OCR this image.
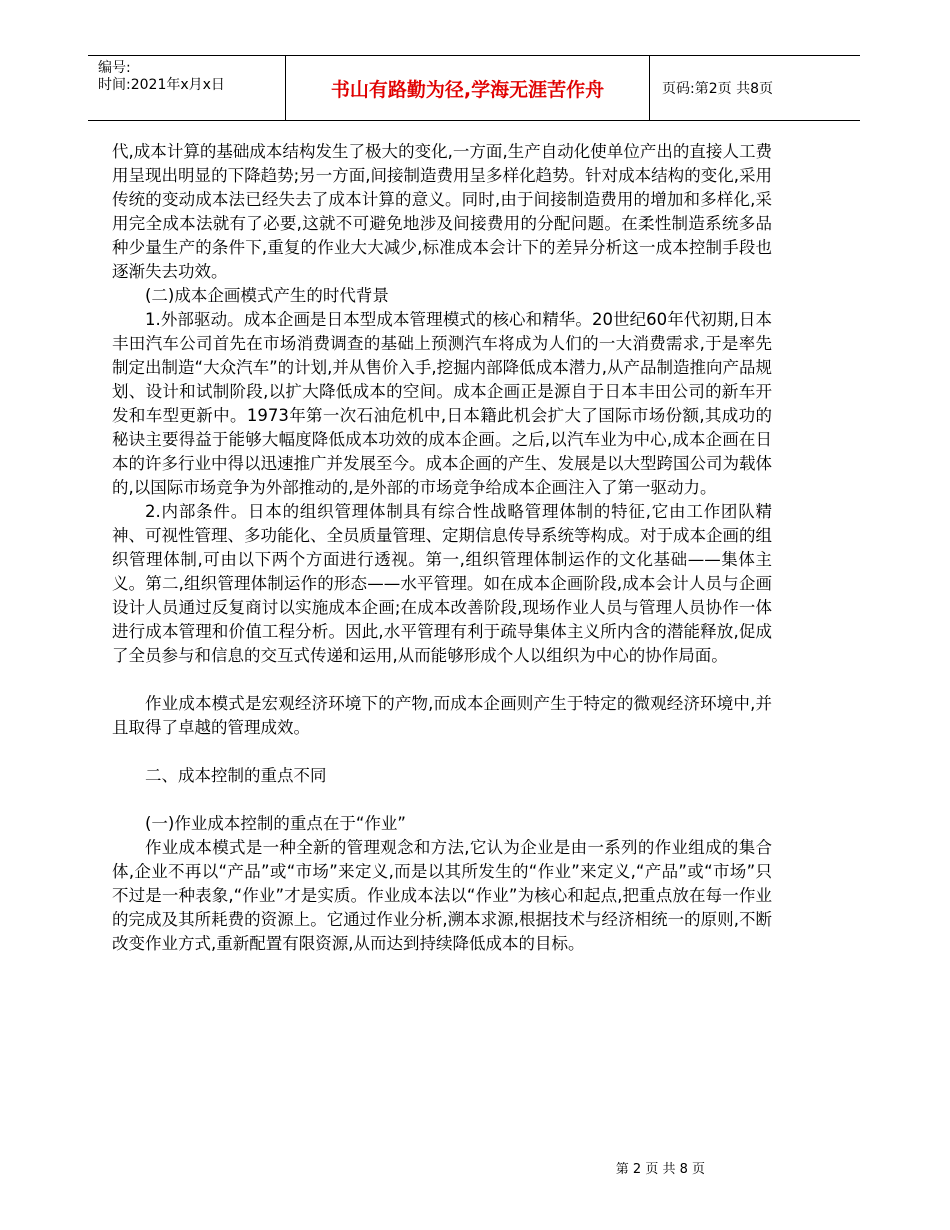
编号:
时间:2021年x月x日	书山有路勤为径,学海无涯苦作舟	页码:第2页 共8页

代,成本计算的基础成本结构发生了极大的变化,一方面,生产自动化使单位产出的直接人工费用呈现出明显的下降趋势;另一方面,间接制造费用呈多样化趋势。针对成本结构的变化,采用传统的变动成本法已经失去了成本计算的意义。同时,由于间接制造费用的增加和多样化,采用完全成本法就有了必要,这就不可避免地涉及间接费用的分配问题。在柔性制造系统多品种少量生产的条件下,重复的作业大大减少,标准成本会计下的差异分析这一成本控制手段也逐渐失去功效。

(二)成本企画模式产生的时代背景

1.外部驱动。成本企画是日本型成本管理模式的核心和精华。20世纪60年代初期,日本丰田汽车公司首先在市场消费调查的基础上预测汽车将成为人们的一大消费需求,于是率先制定出制造“大众汽车”的计划,并从售价入手,挖掘内部降低成本潜力,从产品制造推向产品规划、设计和试制阶段,以扩大降低成本的空间。成本企画正是源自于日本丰田公司的新车开发和车型更新中。1973年第一次石油危机中,日本籍此机会扩大了国际市场份额,其成功的秘诀主要得益于能够大幅度降低成本功效的成本企画。之后,以汽车业为中心,成本企画在日本的许多行业中得以迅速推广并发展至今。成本企画的产生、发展是以大型跨国公司为载体的,以国际市场竞争为外部推动的,是外部的市场竞争给成本企画注入了第一驱动力。

2.内部条件。日本的组织管理体制具有综合性战略管理体制的特征,它由工作团队精神、可视性管理、多功能化、全员质量管理、定期信息传导系统等构成。对于成本企画的组织管理体制,可由以下两个方面进行透视。第一,组织管理体制运作的文化基础——集体主义。第二,组织管理体制运作的形态——水平管理。如在成本企画阶段,成本会计人员与企画设计人员通过反复商讨以实施成本企画;在成本改善阶段,现场作业人员与管理人员协作一体进行成本管理和价值工程分析。因此,水平管理有利于疏导集体主义所内含的潜能释放,促成了全员参与和信息的交互式传递和运用,从而能够形成个人以组织为中心的协作局面。

作业成本模式是宏观经济环境下的产物,而成本企画则产生于特定的微观经济环境中,并且取得了卓越的管理成效。

二、成本控制的重点不同

(一)作业成本控制的重点在于“作业”

作业成本模式是一种全新的管理观念和方法,它认为企业是由一系列的作业组成的集合体,企业不再以“产品”或“市场”来定义,而是以其所发生的“作业”来定义,“产品”或“市场”只不过是一种表象,“作业”才是实质。作业成本法以“作业”为核心和起点,把重点放在每一作业的完成及其所耗费的资源上。它通过作业分析,溯本求源,根据技术与经济相统一的原则,不断改变作业方式,重新配置有限资源,从而达到持续降低成本的目标。

第 2 页 共 8 页
